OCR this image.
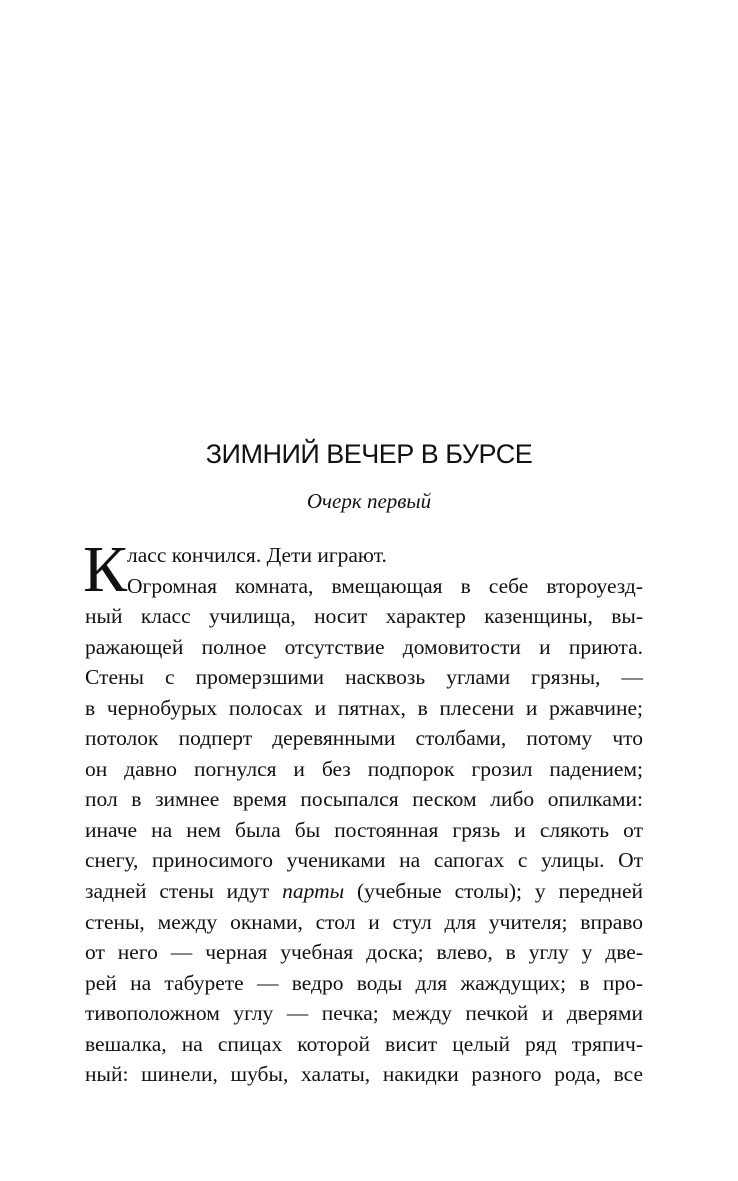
ЗИМНИЙ ВЕЧЕР В БУРСЕ

Очерк первый

К ласс кончился. Дети играют.
Огромная комната, вмещающая в себе второуезд-
ный класс училища, носит характер казенщины, вы-
ражающей полное отсутствие домовитости и приюта.
Стены с промерзшими насквозь углами грязны, —
в чернобурых полосах и пятнах, в плесени и ржавчине;
потолок подперт деревянными столбами, потому что
он давно погнулся и без подпорок грозил падением;
пол в зимнее время посыпался песком либо опилками:
иначе на нем была бы постоянная грязь и слякоть от
снегу, приносимого учениками на сапогах с улицы. От
задней стены идут парты (учебные столы); у передней
стены, между окнами, стол и стул для учителя; вправо
от него — черная учебная доска; влево, в углу у две-
рей на табурете — ведро воды для жаждущих; в про-
тивоположном углу — печка; между печкой и дверями
вешалка, на спицах которой висит целый ряд тряпич-
ный: шинели, шубы, халаты, накидки разного рода, все
